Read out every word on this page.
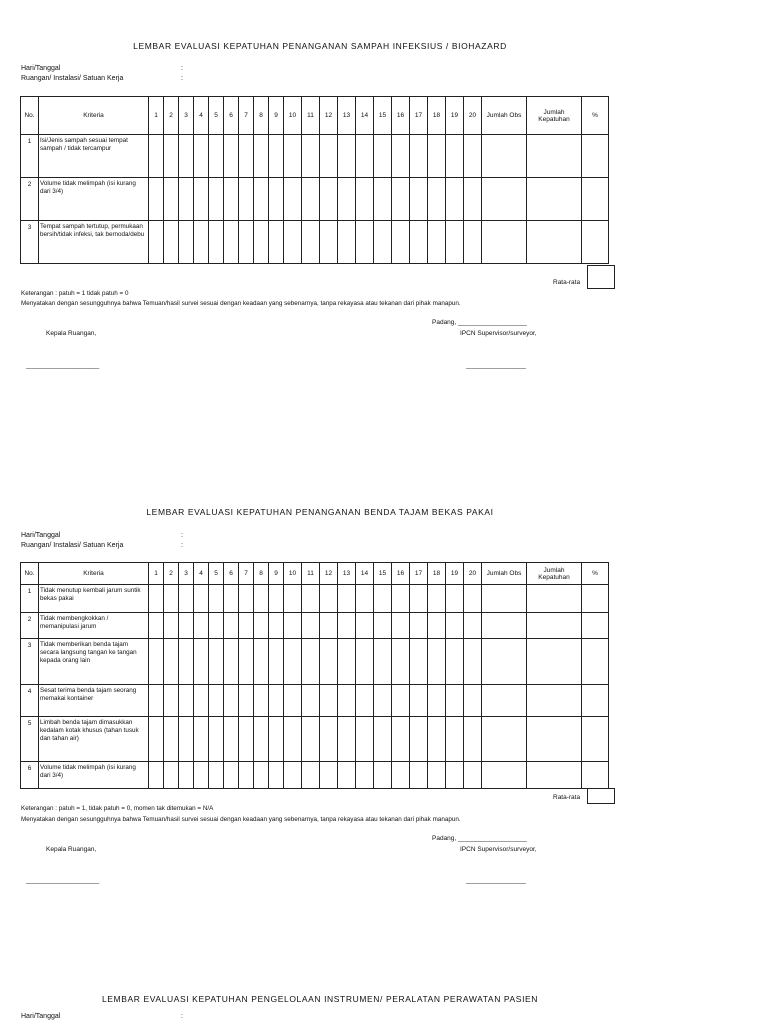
LEMBAR EVALUASI KEPATUHAN PENANGANAN SAMPAH INFEKSIUS / BIOHAZARD
Hari/Tanggal	:
Ruangan/ Instalasi/ Satuan Kerja	:
No.	Kriteria	1	2	3	4	5	6	7	8	9	10	11	12	13	14	15	16	17	18	19	20	Jumlah Obs	Jumlah Kepatuhan	%
1	Isi/Jenis sampah sesuai tempat sampah / tidak tercampur																							
2	Volume tidak melimpah (isi kurang dari 3/4)																							
3	Tempat sampah tertutup, permukaan bersih/tidak infeksi, tak bernoda/debu																							
Rata-rata
Keterangan : patuh = 1 tidak patuh = 0
Menyatakan dengan sesungguhnya bahwa Temuan/hasil survei sesuai dengan keadaan yang sebenarnya, tanpa rekayasa atau tekanan dari pihak manapun.
Padang, ___________________
Kepala Ruangan,	IPCN Supervisor/surveyor,
______________________	__________________
LEMBAR EVALUASI KEPATUHAN PENANGANAN BENDA TAJAM BEKAS PAKAI
Hari/Tanggal	:
Ruangan/ Instalasi/ Satuan Kerja	:
No.	Kriteria	1	2	3	4	5	6	7	8	9	10	11	12	13	14	15	16	17	18	19	20	Jumlah Obs	Jumlah Kepatuhan	%
1	Tidak menutup kembali jarum suntik bekas pakai																							
2	Tidak membengkokkan / memanipulasi jarum																							
3	Tidak memberikan benda tajam secara langsung tangan ke tangan kepada orang lain																							
4	Sesat terima benda tajam seorang memakai kontainer																							
5	Limbah benda tajam dimasukkan kedalam kotak khusus (tahan tusuk dan tahan air)																							
6	Volume tidak melimpah (isi kurang dari 3/4)																							
Rata-rata
Keterangan : patuh = 1, tidak patuh = 0, momen tak ditemukan = N/A
Menyatakan dengan sesungguhnya bahwa Temuan/hasil survei sesuai dengan keadaan yang sebenarnya, tanpa rekayasa atau tekanan dari pihak manapun.
Padang, ___________________
Kepala Ruangan,	IPCN Supervisor/surveyor,
______________________	__________________
LEMBAR EVALUASI KEPATUHAN PENGELOLAAN INSTRUMEN/ PERALATAN PERAWATAN PASIEN
Hari/Tanggal	:
